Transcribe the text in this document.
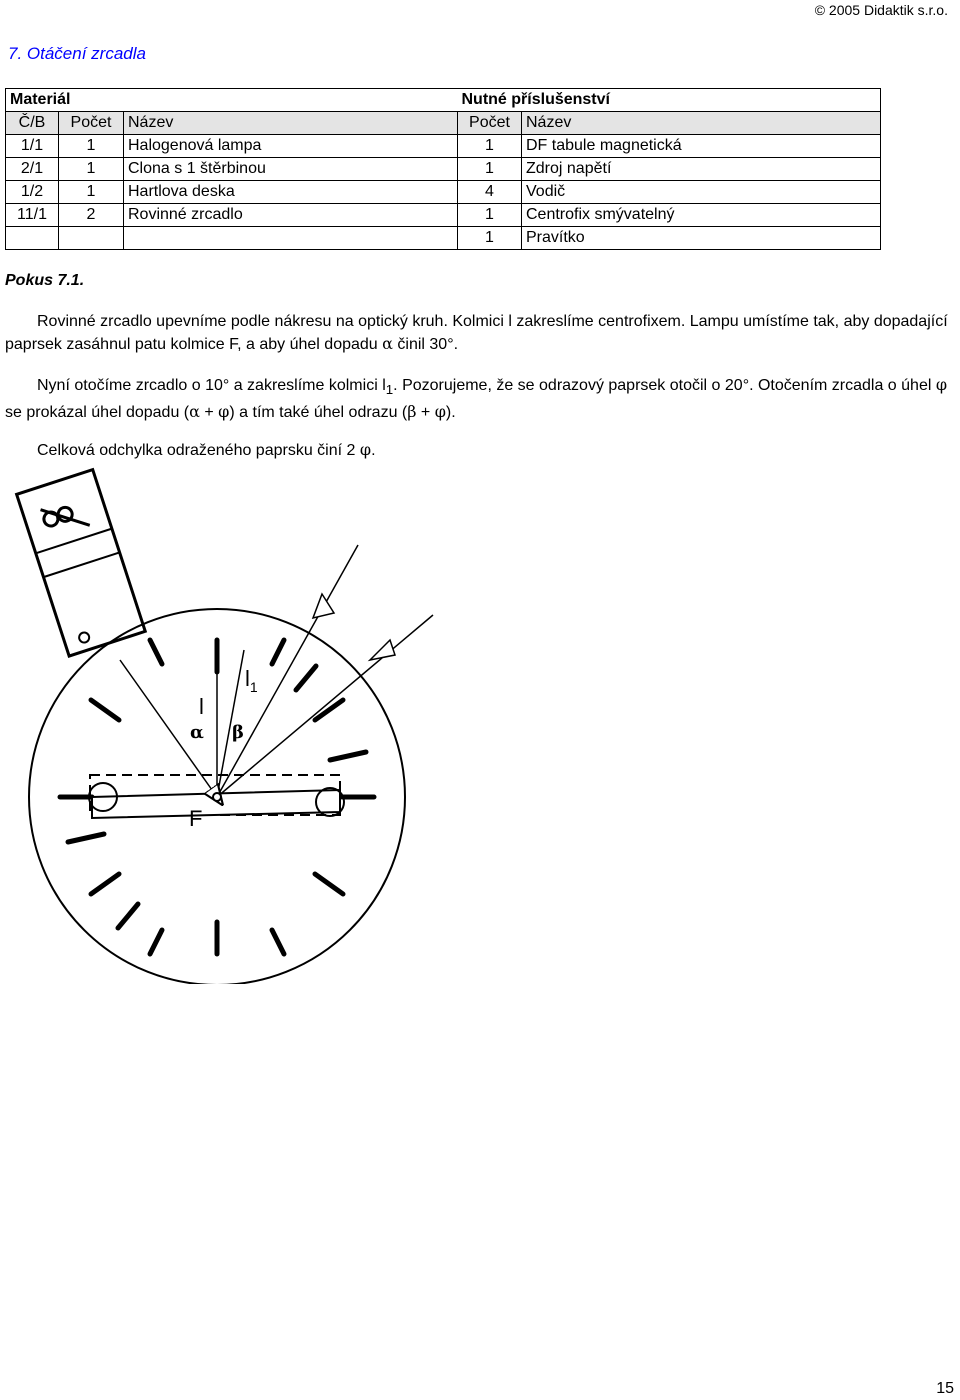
© 2005 Didaktik s.r.o.
7. Otáčení zrcadla
Materiál			Nutné příslušenství	
Č/B	Počet	Název	Počet	Název
1/1	1	Halogenová lampa	1	DF tabule magnetická
2/1	1	Clona s 1 štěrbinou	1	Zdroj napětí
1/2	1	Hartlova deska	4	Vodič
11/1	2	Rovinné zrcadlo	1	Centrofix smývatelný
			1	Pravítko
Pokus 7.1.

Rovinné zrcadlo upevníme podle nákresu na optický kruh. Kolmici l zakreslíme centrofixem. Lampu umístíme tak, aby dopadající paprsek zasáhnul patu kolmice F, a aby úhel dopadu α činil 30°.

Nyní otočíme zrcadlo o 10° a zakreslíme kolmici $l_1$. Pozorujeme, že se odrazový paprsek otočil o 20°. Otočením zrcadla o úhel φ se prokázal úhel dopadu (α + φ) a tím také úhel odrazu (β + φ).

Celková odchylka odraženého paprsku činí 2 φ.

l
$l_1$
α β
F
15
